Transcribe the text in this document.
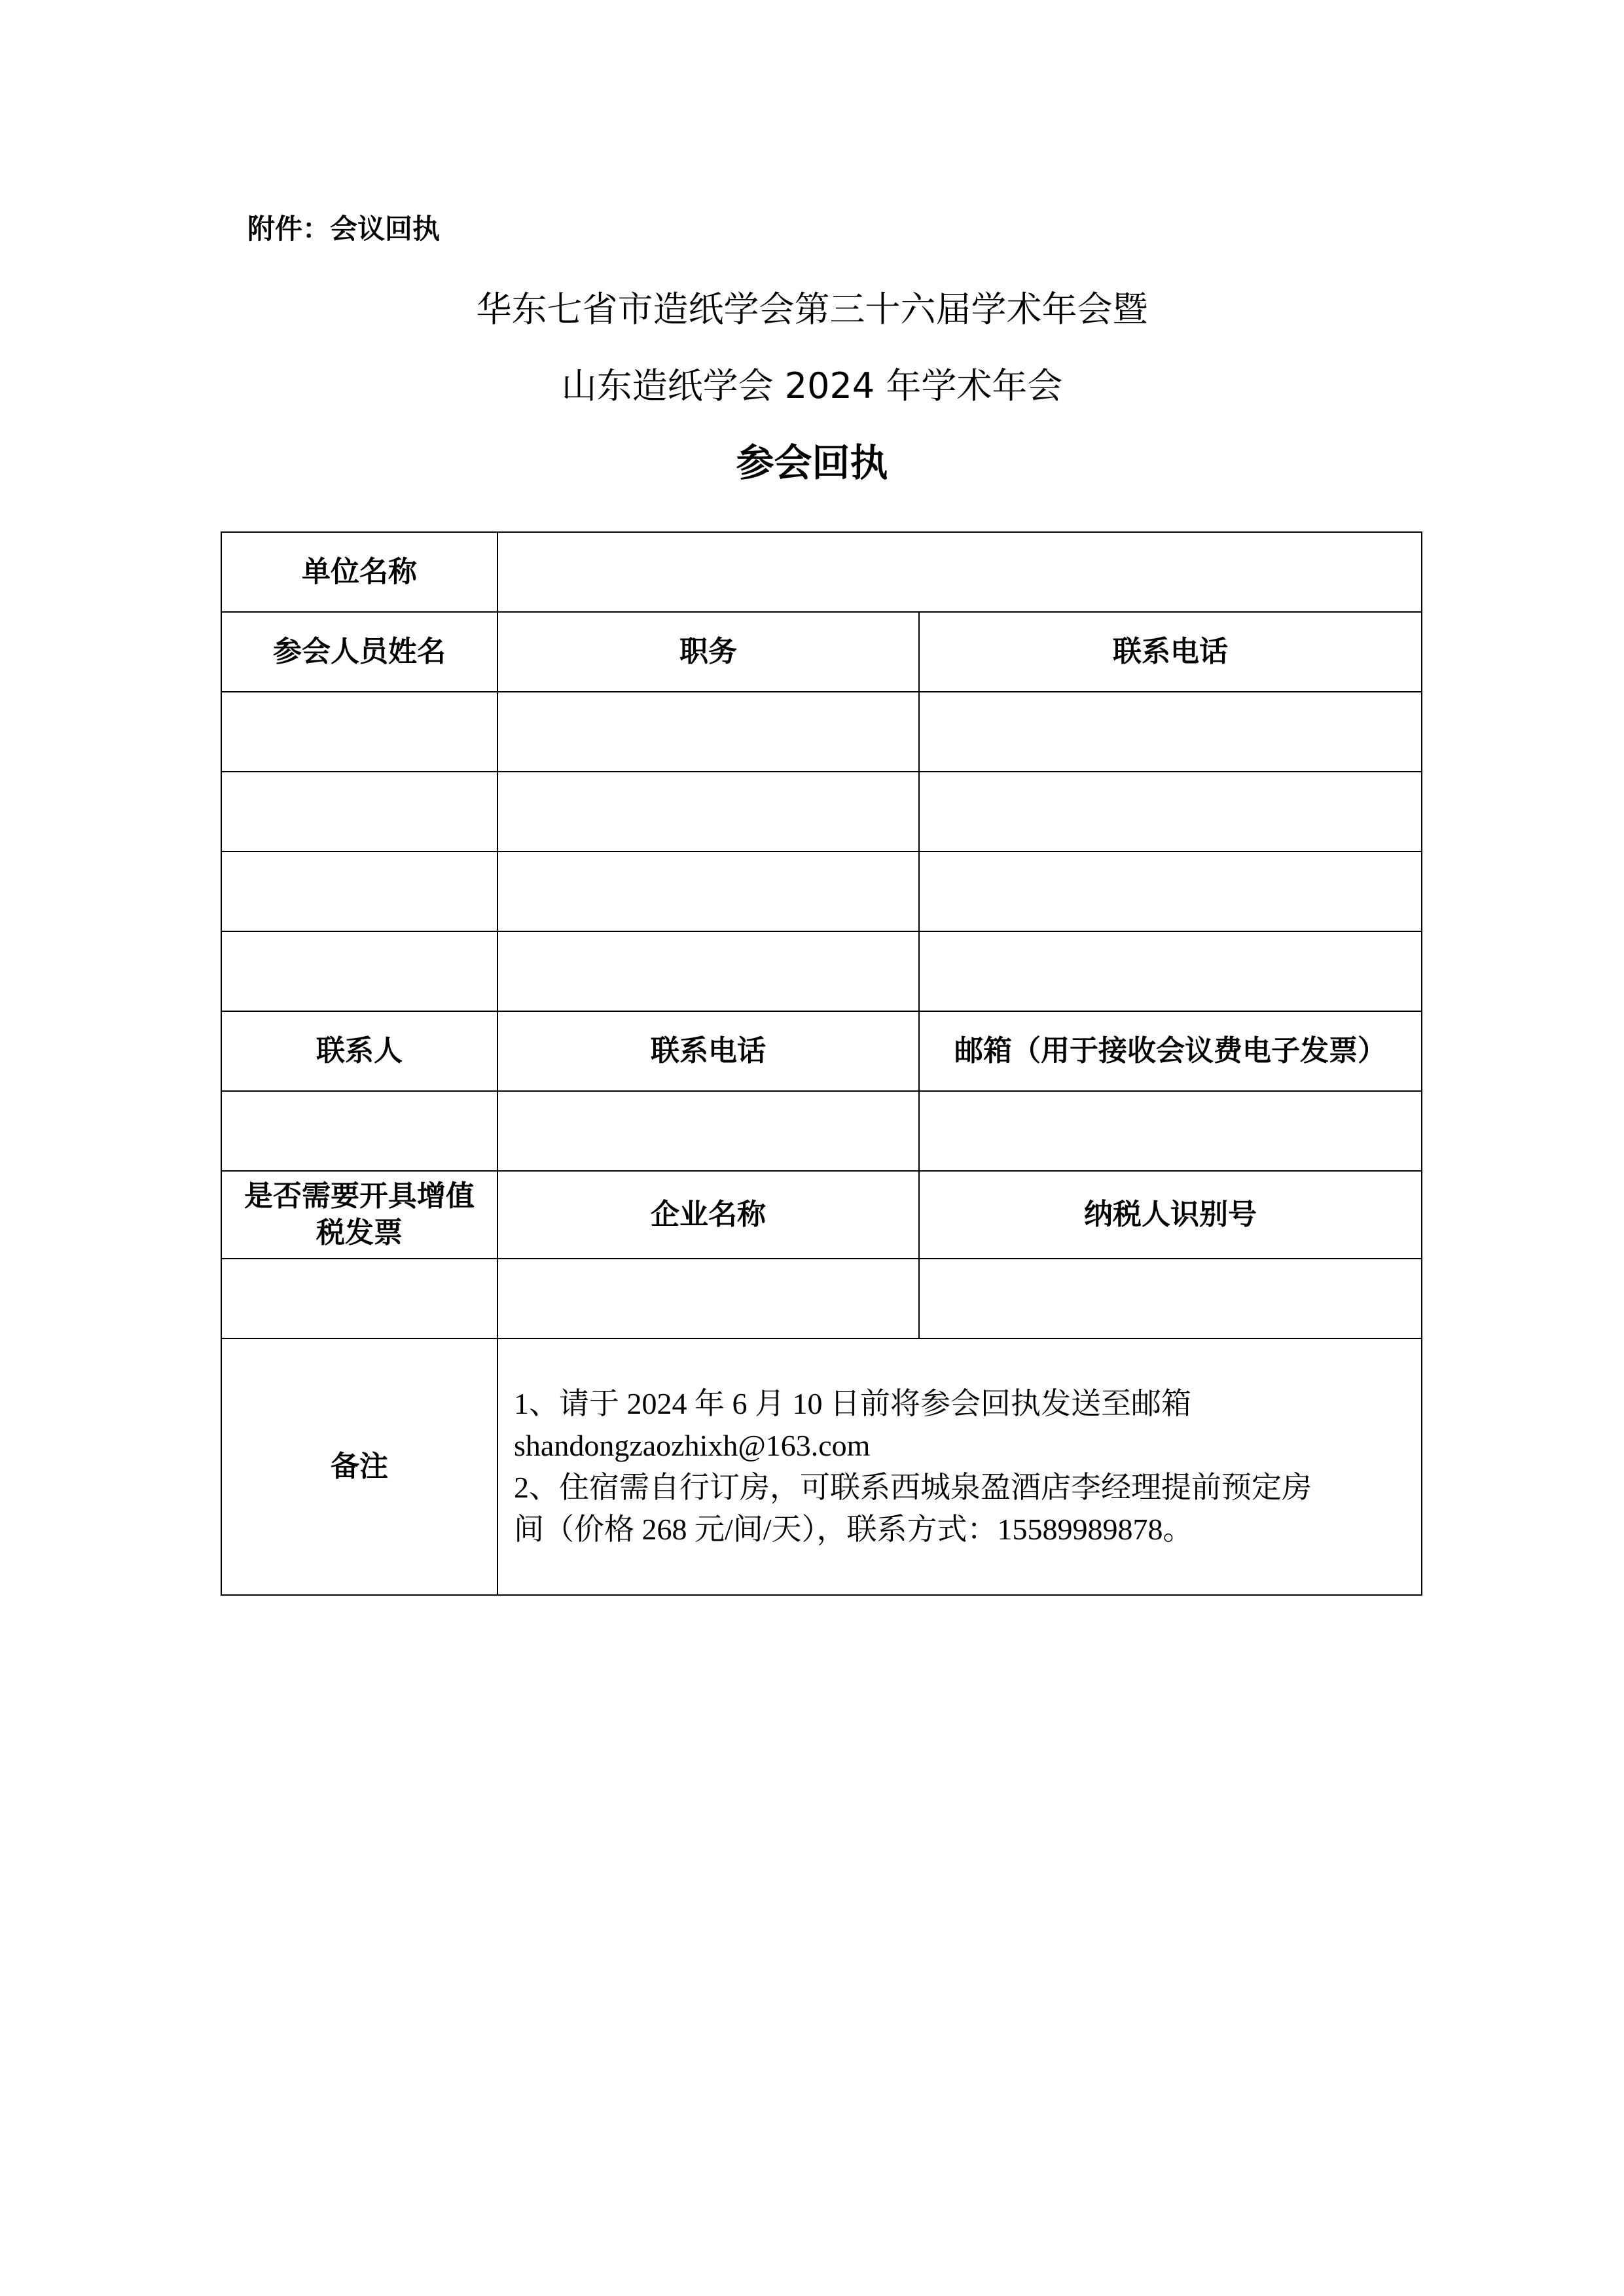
附件：会议回执
华东七省市造纸学会第三十六届学术年会暨
山东造纸学会 2024 年学术年会
参会回执
单位名称		
参会人员姓名	职务	联系电话

联系人	联系电话	邮箱（用于接收会议费电子发票）

是否需要开具增值税发票	企业名称	纳税人识别号

备注	1、请于 2024 年 6 月 10 日前将参会回执发送至邮箱
shandongzaozhixh@163.com
2、住宿需自行订房，可联系西城泉盈酒店李经理提前预定房
间（价格 268 元/间/天），联系方式：15589989878。	
